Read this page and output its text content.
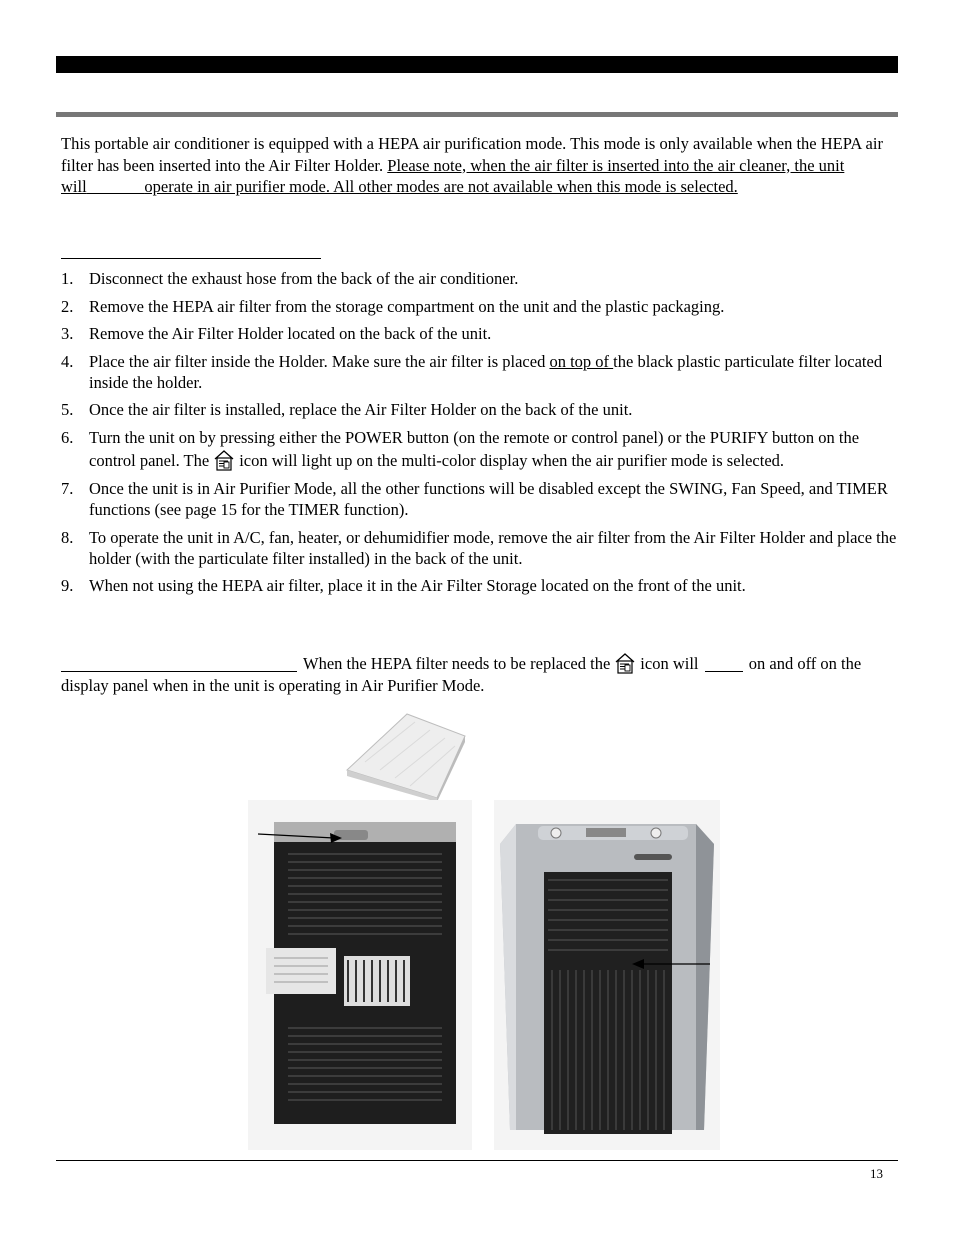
This portable air conditioner is equipped with a HEPA air purification mode. This mode is only available when the HEPA air filter has been inserted into the Air Filter Holder. Please note, when the air filter is inserted into the air cleaner, the unit will	operate in air purifier mode. All other modes are not available when this mode is selected.

1. Disconnect the exhaust hose from the back of the air conditioner.
2. Remove the HEPA air filter from the storage compartment on the unit and the plastic packaging.
3. Remove the Air Filter Holder located on the back of the unit.
4. Place the air filter inside the Holder. Make sure the air filter is placed on top of the black plastic particulate filter located inside the holder.
5. Once the air filter is installed, replace the Air Filter Holder on the back of the unit.
6. Turn the unit on by pressing either the POWER button (on the remote or control panel) or the PURIFY button on the control panel. The icon will light up on the multi-color display when the air purifier mode is selected.
7. Once the unit is in Air Purifier Mode, all the other functions will be disabled except the SWING, Fan Speed, and TIMER functions (see page 15 for the TIMER function).
8. To operate the unit in A/C, fan, heater, or dehumidifier mode, remove the air filter from the Air Filter Holder and place the holder (with the particulate filter installed) in the back of the unit.
9. When not using the HEPA air filter, place it in the Air Filter Storage located on the front of the unit.

When the HEPA filter needs to be replaced the icon will	on and off on the display panel when in the unit is operating in Air Purifier Mode.

13
